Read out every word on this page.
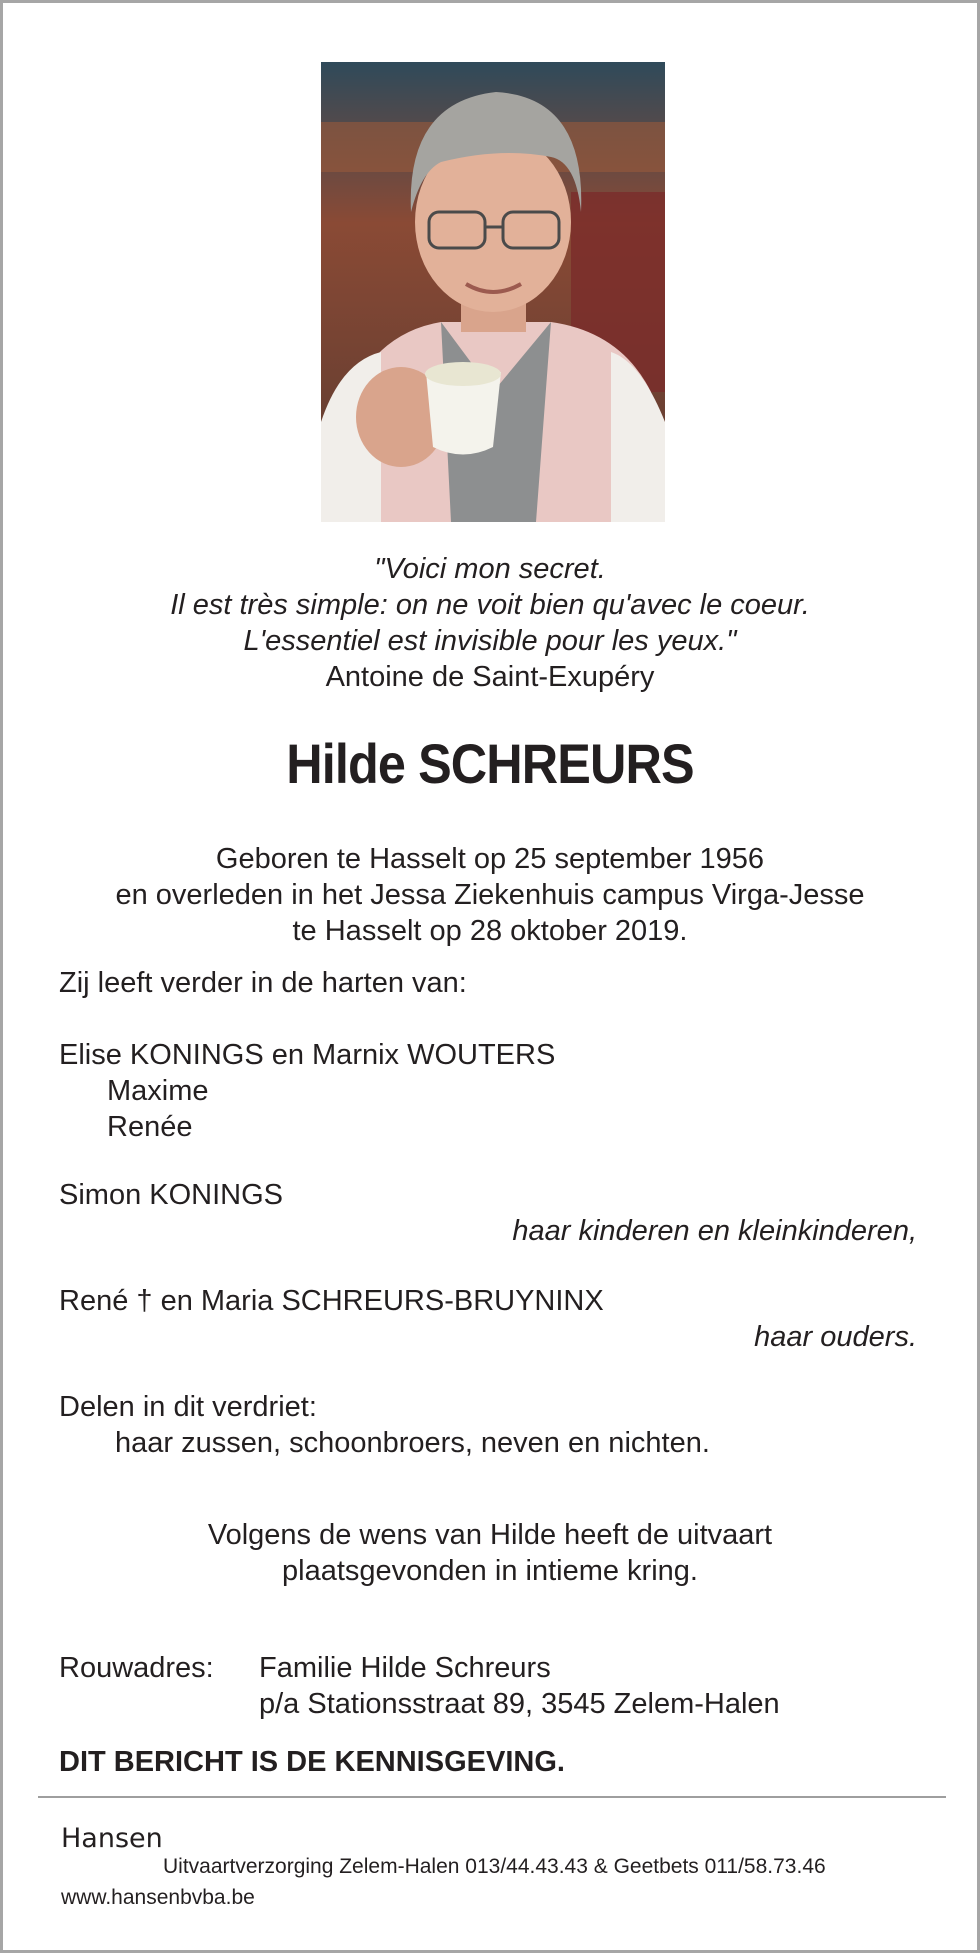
"Voici mon secret.
Il est très simple: on ne voit bien qu'avec le coeur.
L'essentiel est invisible pour les yeux."
Antoine de Saint-Exupéry
Hilde SCHREURS
Geboren te Hasselt op 25 september 1956
en overleden in het Jessa Ziekenhuis campus Virga-Jesse
te Hasselt op 28 oktober 2019.
Zij leeft verder in de harten van:
Elise KONINGS en Marnix WOUTERS
Maxime
Renée
Simon KONINGS
haar kinderen en kleinkinderen,
René † en Maria SCHREURS-BRUYNINX
haar ouders.
Delen in dit verdriet:
haar zussen, schoonbroers, neven en nichten.
Volgens de wens van Hilde heeft de uitvaart
plaatsgevonden in intieme kring.
Rouwadres: Familie Hilde Schreurs
p/a Stationsstraat 89, 3545 Zelem-Halen
DIT BERICHT IS DE KENNISGEVING.
Hansen
Uitvaartverzorging Zelem-Halen 013/44.43.43 & Geetbets 011/58.73.46
www.hansenbvba.be
